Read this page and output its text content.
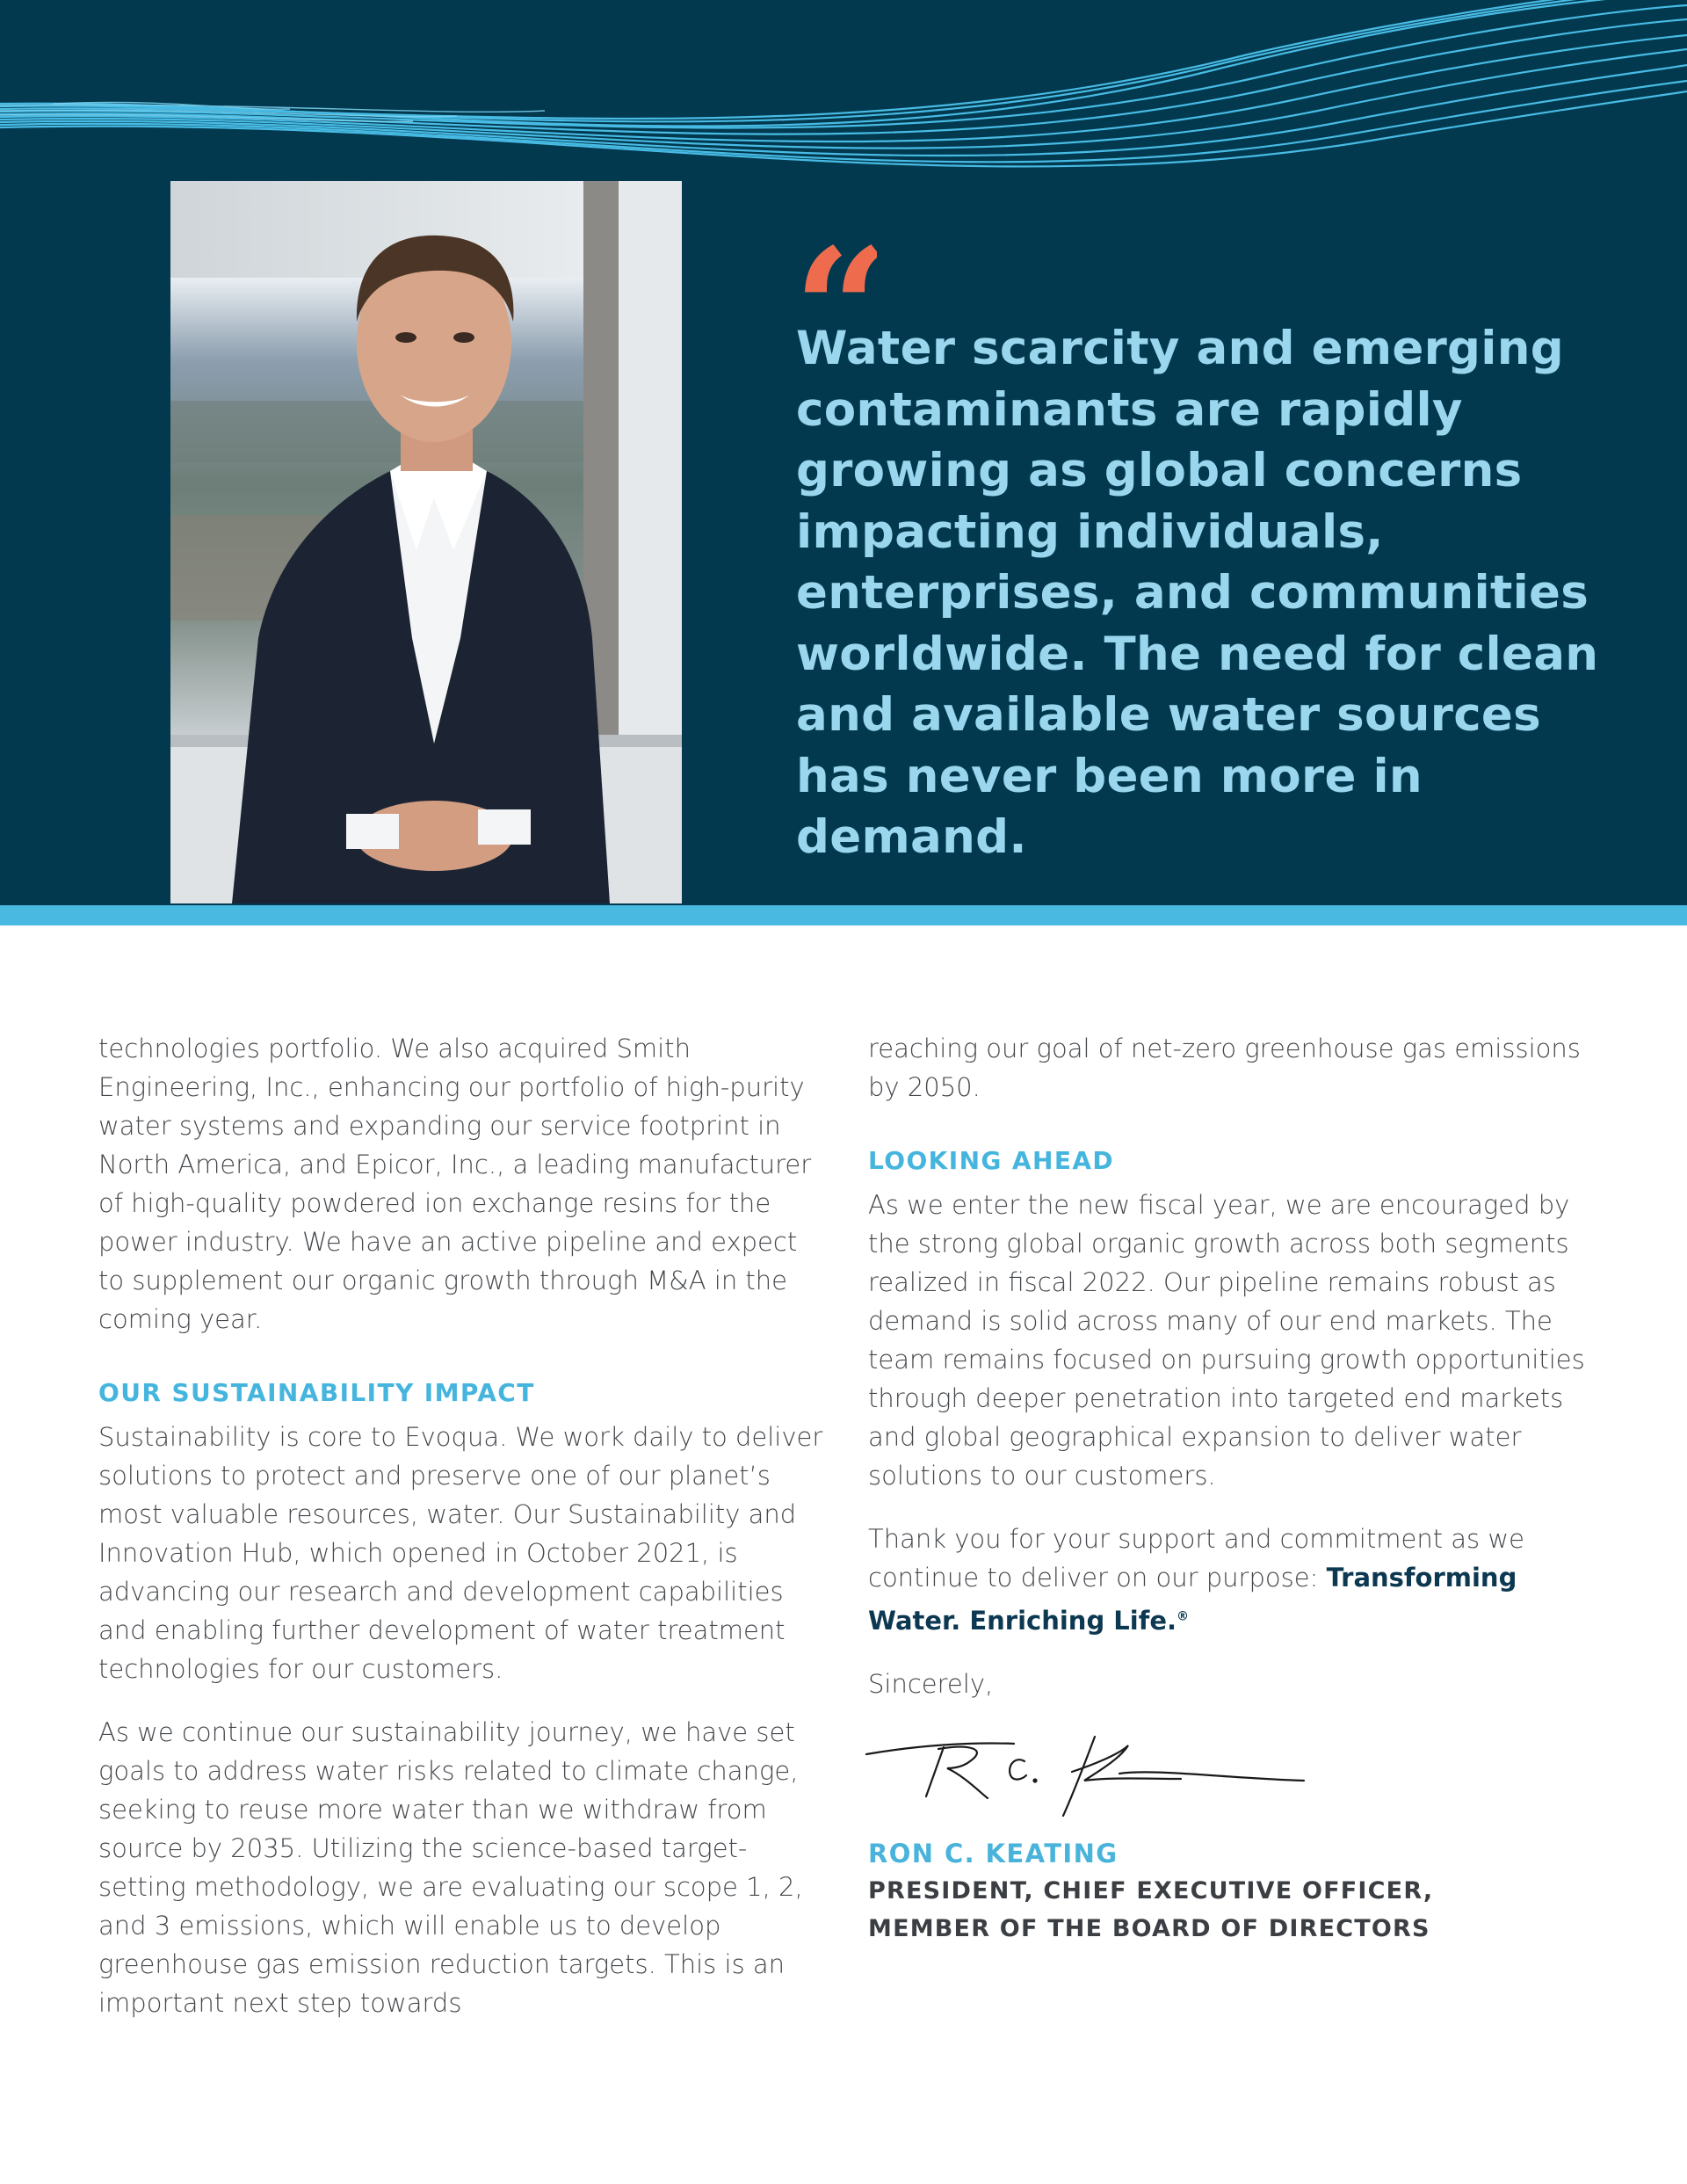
“

Water scarcity and emerging contaminants are rapidly growing as global concerns impacting individuals, enterprises, and communities worldwide. The need for clean and available water sources has never been more in demand.

technologies portfolio. We also acquired Smith Engineering, Inc., enhancing our portfolio of high-purity water systems and expanding our service footprint in North America, and Epicor, Inc., a leading manufacturer of high-quality powdered ion exchange resins for the power industry. We have an active pipeline and expect to supplement our organic growth through M&A in the coming year.

OUR SUSTAINABILITY IMPACT

Sustainability is core to Evoqua. We work daily to deliver solutions to protect and preserve one of our planet’s most valuable resources, water. Our Sustainability and Innovation Hub, which opened in October 2021, is advancing our research and development capabilities and enabling further development of water treatment technologies for our customers.

As we continue our sustainability journey, we have set goals to address water risks related to climate change, seeking to reuse more water than we withdraw from source by 2035. Utilizing the science-based target-setting methodology, we are evaluating our scope 1, 2, and 3 emissions, which will enable us to develop greenhouse gas emission reduction targets. This is an important next step towards

reaching our goal of net-zero greenhouse gas emissions by 2050.

LOOKING AHEAD

As we enter the new fiscal year, we are encouraged by the strong global organic growth across both segments realized in fiscal 2022. Our pipeline remains robust as demand is solid across many of our end markets. The team remains focused on pursuing growth opportunities through deeper penetration into targeted end markets and global geographical expansion to deliver water solutions to our customers.

Thank you for your support and commitment as we continue to deliver on our purpose: Transforming Water. Enriching Life.®

Sincerely,

RON C. KEATING

PRESIDENT, CHIEF EXECUTIVE OFFICER,

MEMBER OF THE BOARD OF DIRECTORS
